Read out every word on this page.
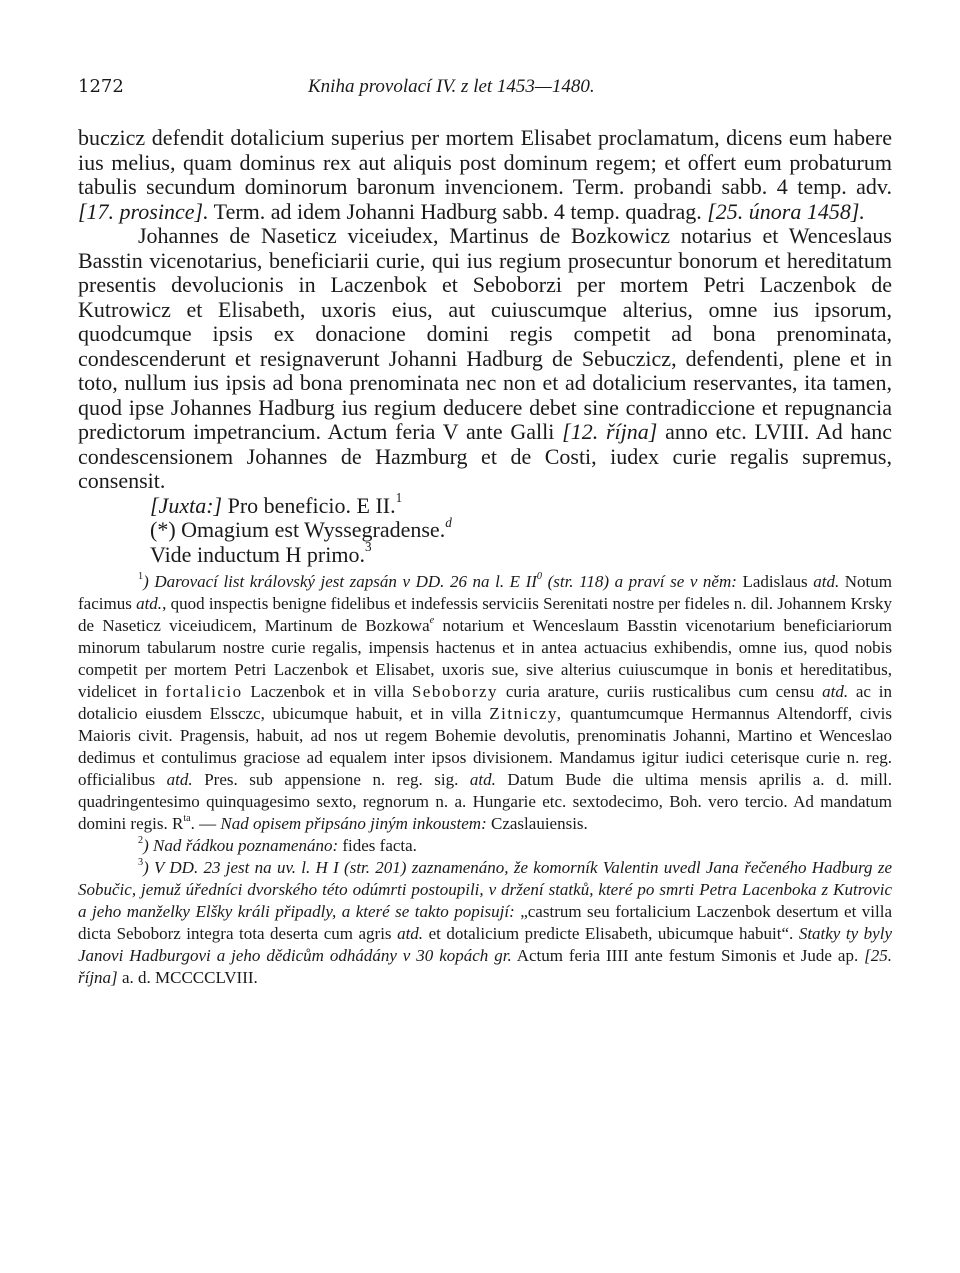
1272	Kniha provolací IV. z let 1453—1480.

buczicz defendit dotalicium superius per mortem Elisabet proclamatum, dicens eum habere ius melius, quam dominus rex aut aliquis post dominum regem; et offert eum probaturum tabulis secundum dominorum baronum invencionem. Term. probandi sabb. 4 temp. adv. [17. prosince]. Term. ad idem Johanni Hadburg sabb. 4 temp. quadrag. [25. února 1458].

Johannes de Naseticz viceiudex, Martinus de Bozkowicz notarius et Wenceslaus Basstin vicenotarius, beneficiarii curie, qui ius regium prosecuntur bonorum et hereditatum presentis devolucionis in Laczenbok et Seboborzi per mortem Petri Laczenbok de Kutrowicz et Elisabeth, uxoris eius, aut cuiuscumque alterius, omne ius ipsorum, quodcumque ipsis ex donacione domini regis competit ad bona prenominata, condescenderunt et resignaverunt Johanni Hadburg de Sebuczicz, defendenti, plene et in toto, nullum ius ipsis ad bona prenominata nec non et ad dotalicium reservantes, ita tamen, quod ipse Johannes Hadburg ius regium deducere debet sine contradiccione et repugnancia predictorum impetrancium. Actum feria V ante Galli [12. října] anno etc. LVIII. Ad hanc condescensionem Johannes de Hazmburg et de Costi, iudex curie regalis supremus, consensit.

[Juxta:] Pro beneficio. E II.$^1$

(*) Omagium est Wyssegradense.$^d$

Vide inductum H primo.$^3$

$^1$) Darovací list královský jest zapsán v DD. 26 na l. E $II^0$ (str. 118) a praví se v něm: Ladislaus atd. Notum facimus atd., quod inspectis benigne fidelibus et indefessis serviciis Serenitati nostre per fideles n. dil. Johannem Krsky de Naseticz viceiudicem, Martinum de Bozkowa$^e$ notarium et Wenceslaum Basstin vicenotarium beneficiariorum minorum tabularum nostre curie regalis, impensis hactenus et in antea actuacius exhibendis, omne ius, quod nobis competit per mortem Petri Laczenbok et Elisabet, uxoris sue, sive alterius cuiuscumque in bonis et hereditatibus, videlicet in fortalicio Laczenbok et in villa Seboborzy curia arature, curiis rusticalibus cum censu atd. ac in dotalicio eiusdem Elssczc, ubicumque habuit, et in villa Zitniczy, quantumcumque Hermannus Altendorff, civis Maioris civit. Pragensis, habuit, ad nos ut regem Bohemie devolutis, prenominatis Johanni, Martino et Wenceslao dedimus et contulimus graciose ad equalem inter ipsos divisionem. Mandamus igitur iudici ceterisque curie n. reg. officialibus atd. Pres. sub appensione n. reg. sig. atd. Datum Bude die ultima mensis aprilis a. d. mill. quadringentesimo quinquagesimo sexto, regnorum n. a. Hungarie etc. sextodecimo, Boh. vero tercio. Ad mandatum domini regis. $R^{ta}$. — Nad opisem připsáno jiným inkoustem: Czaslauiensis.

$^2$) Nad řádkou poznamenáno: fides facta.

$^3$) V DD. 23 jest na uv. l. H I (str. 201) zaznamenáno, že komorník Valentin uvedl Jana řečeného Hadburg ze Sobučic, jemuž úředníci dvorského této odúmrti postoupili, v držení statků, které po smrti Petra Lacenboka z Kutrovic a jeho manželky Elšky králi připadly, a které se takto popisují: „castrum seu fortalicium Laczenbok desertum et villa dicta Seboborz integra tota deserta cum agris atd. et dotalicium predicte Elisabeth, ubicumque habuit“. Statky ty byly Janovi Hadburgovi a jeho dědicům odhádány v 30 kopách gr. Actum feria IIII ante festum Simonis et Jude ap. [25. října] a. d. MCCCCLVIII.
